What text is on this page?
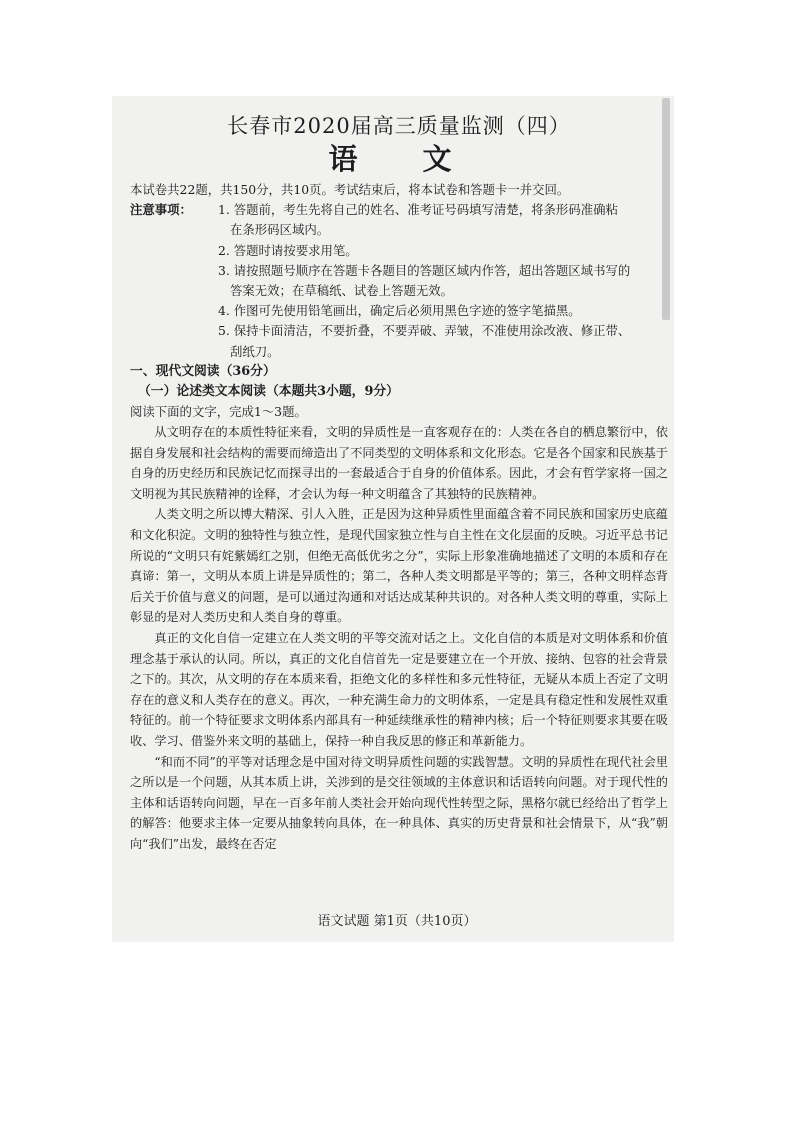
长春市2020届高三质量监测（四）
语　文
本试卷共22题，共150分，共10页。考试结束后，将本试卷和答题卡一并交回。
注意事项：	1. 答题前，考生先将自己的姓名、准考证号码填写清楚，将条形码准确粘
在条形码区域内。
2. 答题时请按要求用笔。
3. 请按照题号顺序在答题卡各题目的答题区域内作答，超出答题区域书写的
答案无效；在草稿纸、试卷上答题无效。
4. 作图可先使用铅笔画出，确定后必须用黑色字迹的签字笔描黑。
5. 保持卡面清洁，不要折叠，不要弄破、弄皱，不准使用涂改液、修正带、
刮纸刀。
一、现代文阅读（36分）
（一）论述类文本阅读（本题共3小题，9分）
阅读下面的文字，完成1～3题。

从文明存在的本质性特征来看，文明的异质性是一直客观存在的：人类在各自的栖息繁衍中，依据自身发展和社会结构的需要而缔造出了不同类型的文明体系和文化形态。它是各个国家和民族基于自身的历史经历和民族记忆而探寻出的一套最适合于自身的价值体系。因此，才会有哲学家将一国之文明视为其民族精神的诠释，才会认为每一种文明蕴含了其独特的民族精神。

人类文明之所以博大精深、引人入胜，正是因为这种异质性里面蕴含着不同民族和国家历史底蕴和文化积淀。文明的独特性与独立性，是现代国家独立性与自主性在文化层面的反映。习近平总书记所说的“文明只有姹紫嫣红之别，但绝无高低优劣之分”，实际上形象准确地描述了文明的本质和存在真谛：第一，文明从本质上讲是异质性的；第二，各种人类文明都是平等的；第三，各种文明样态背后关于价值与意义的问题，是可以通过沟通和对话达成某种共识的。对各种人类文明的尊重，实际上彰显的是对人类历史和人类自身的尊重。

真正的文化自信一定建立在人类文明的平等交流对话之上。文化自信的本质是对文明体系和价值理念基于承认的认同。所以，真正的文化自信首先一定是要建立在一个开放、接纳、包容的社会背景之下的。其次，从文明的存在本质来看，拒绝文化的多样性和多元性特征，无疑从本质上否定了文明存在的意义和人类存在的意义。再次，一种充满生命力的文明体系，一定是具有稳定性和发展性双重特征的。前一个特征要求文明体系内部具有一种延续继承性的精神内核；后一个特征则要求其要在吸收、学习、借鉴外来文明的基础上，保持一种自我反思的修正和革新能力。

“和而不同”的平等对话理念是中国对待文明异质性问题的实践智慧。文明的异质性在现代社会里之所以是一个问题，从其本质上讲，关涉到的是交往领域的主体意识和话语转向问题。对于现代性的主体和话语转向问题，早在一百多年前人类社会开始向现代性转型之际，黑格尔就已经给出了哲学上的解答：他要求主体一定要从抽象转向具体，在一种具体、真实的历史背景和社会情景下，从“我”朝向“我们”出发，最终在否定

语文试题 第1页（共10页）
